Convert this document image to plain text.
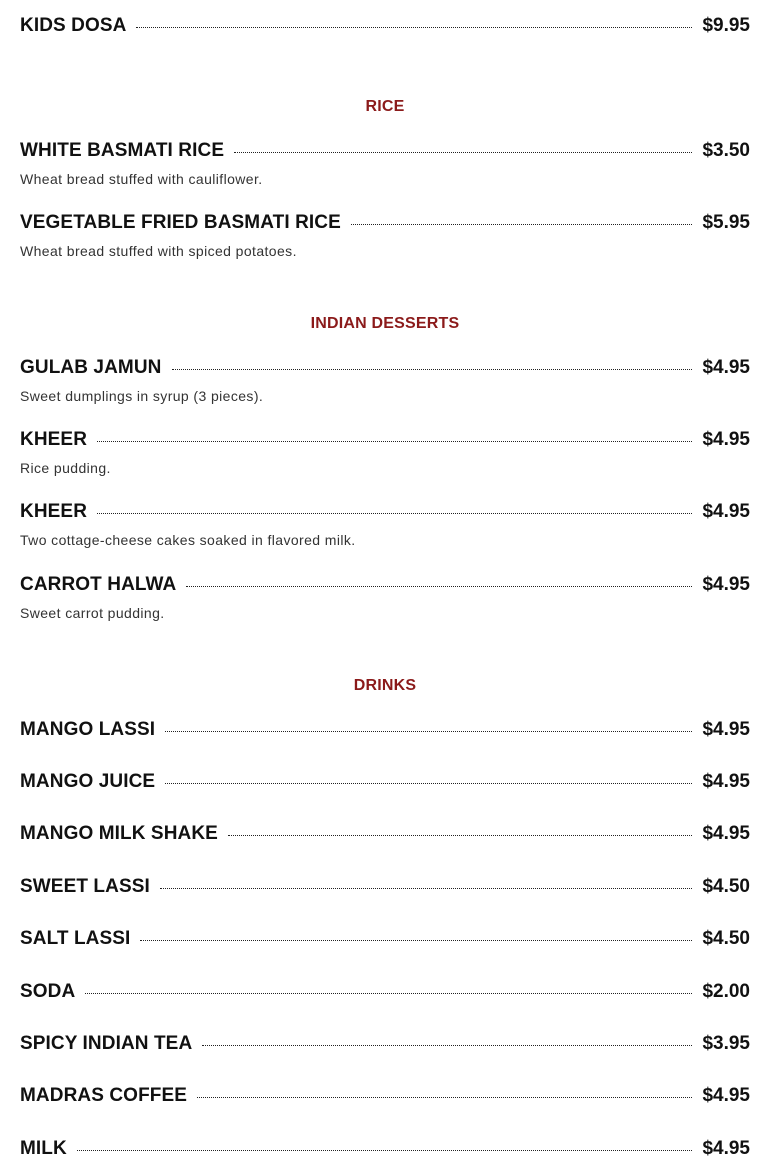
KIDS DOSA	$9.95
RICE
WHITE BASMATI RICE	$3.50
Wheat bread stuffed with cauliflower.
VEGETABLE FRIED BASMATI RICE	$5.95
Wheat bread stuffed with spiced potatoes.
INDIAN DESSERTS
GULAB JAMUN	$4.95
Sweet dumplings in syrup (3 pieces).
KHEER	$4.95
Rice pudding.
KHEER	$4.95
Two cottage-cheese cakes soaked in flavored milk.
CARROT HALWA	$4.95
Sweet carrot pudding.
DRINKS
MANGO LASSI	$4.95
MANGO JUICE	$4.95
MANGO MILK SHAKE	$4.95
SWEET LASSI	$4.50
SALT LASSI	$4.50
SODA	$2.00
SPICY INDIAN TEA	$3.95
MADRAS COFFEE	$4.95
MILK	$4.95
